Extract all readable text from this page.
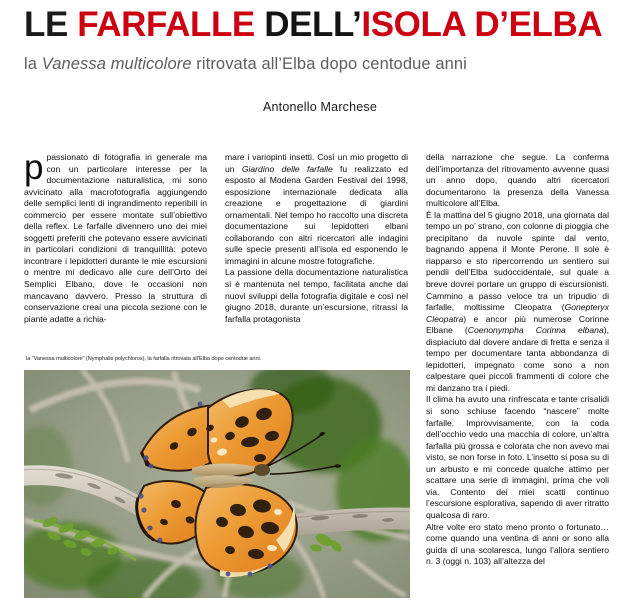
LE FARFALLE DELL’ISOLA D’ELBA
la Vanessa multicolore ritrovata all’Elba dopo centodue anni
Antonello Marchese

ppassionato di fotografia in generale ma con un particolare interesse per la documentazione naturalistica, mi sono avvicinato alla macrofotografia aggiungendo delle semplici lenti di ingrandimento reperibili in commercio per essere montate sull’obiettivo della reflex. Le farfalle divennero uno dei miei soggetti preferiti che potevano essere avvicinati in particolari condizioni di tranquillità: potevo incontrare i lepidotteri durante le mie escursioni o mentre mi dedicavo alle cure dell’Orto dei Semplici Elbano, dove le occasioni non mancavano davvero. Presso la struttura di conservazione creai una piccola sezione con le piante adatte a richia-

mare i variopinti insetti. Così un mio progetto di un Giardino delle farfalle fu realizzato ed esposto al Modena Garden Festival del 1998, esposizione internazionale dedicata alla creazione e progettazione di giardini ornamentali. Nel tempo ho raccolto una discreta documentazione sui lepidotteri elbani collaborando con altri ricercatori alle indagini sulle specie presenti all’isola ed esponendo le immagini in alcune mostre fotografiche.

La passione della documentazione naturalistica si è mantenuta nel tempo, facilitata anche dai nuovi sviluppi della fotografia digitale e così nel giugno 2018, durante un’escursione, ritrassi la farfalla protagonista

della narrazione che segue. La conferma dell’importanza del ritrovamento avvenne quasi un anno dopo, quando altri ricercatori documentarono la presenza della Vanessa multicolore all’Elba.

È la mattina del 5 giugno 2018, una giornata dal tempo un po’ strano, con colonne di pioggia che precipitano da nuvole spinte dal vento, bagnando appena il Monte Perone. Il sole è riapparso e sto ripercorrendo un sentiero sui pendii dell’Elba sudoccidentale, sul quale a breve dovrei portare un gruppo di escursionisti. Cammino a passo veloce tra un tripudio di farfalle, moltissime Cleopatra (Gonepteryx Cleopatra) e ancor più numerose Corinne Elbane (Coenonympha Corinna elbana), dispiaciuto dal dovere andare di fretta e senza il tempo per documentare tanta abbondanza di lepidotteri, impegnato come sono a non calpestare quei piccoli frammenti di colore che mi danzano tra i piedi.

Il clima ha avuto una rinfrescata e tante crisalidi si sono schiuse facendo “nascere” molte farfalle. Improvvisamente, con la coda dell’occhio vedo una macchia di colore, un’altra farfalla più grossa e colorata che non avevo mai visto, se non forse in foto. L’insetto si posa su di un arbusto e mi concede qualche attimo per scattare una serie di immagini, prima che voli via. Contento dei miei scatti continuo l’escursione esplorativa, sapendo di aver ritratto qualcosa di raro.

Altre volte ero stato meno pronto o fortunato… come quando una ventina di anni or sono alla guida di una scolaresca, lungo l’allora sentiero n. 3 (oggi n. 103) all’altezza del

la “Vanessa multicolore” (Nymphalis polychloros), la farfalla ritrovata all’Elba dopo centodue anni.
